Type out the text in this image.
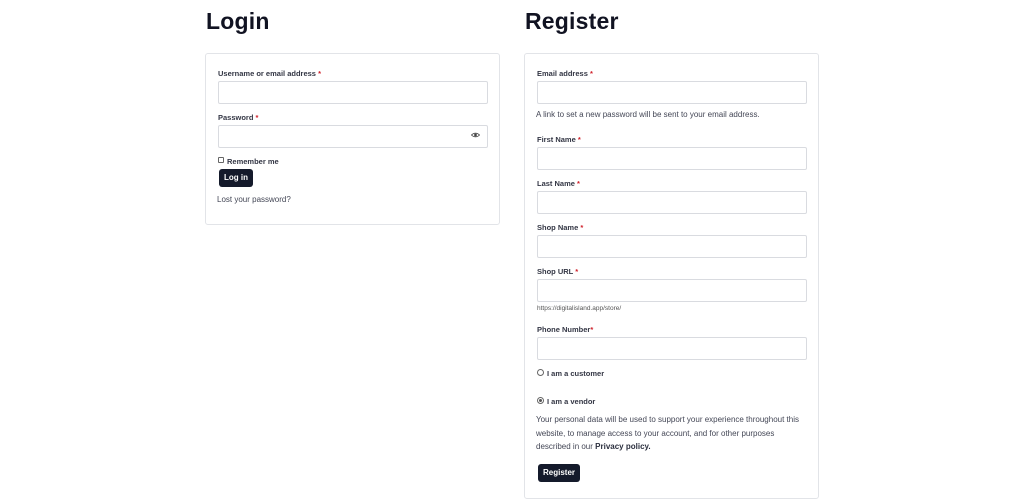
Login
Username or email address *
Password *
Remember me
Log in
Lost your password?
Register
Email address *
A link to set a new password will be sent to your email address.
First Name *
Last Name *
Shop Name *
Shop URL *
https://digitalisland.app/store/
Phone Number*
I am a customer
I am a vendor

Your personal data will be used to support your experience throughout this website, to manage access to your account, and for other purposes described in our Privacy policy.

Register
